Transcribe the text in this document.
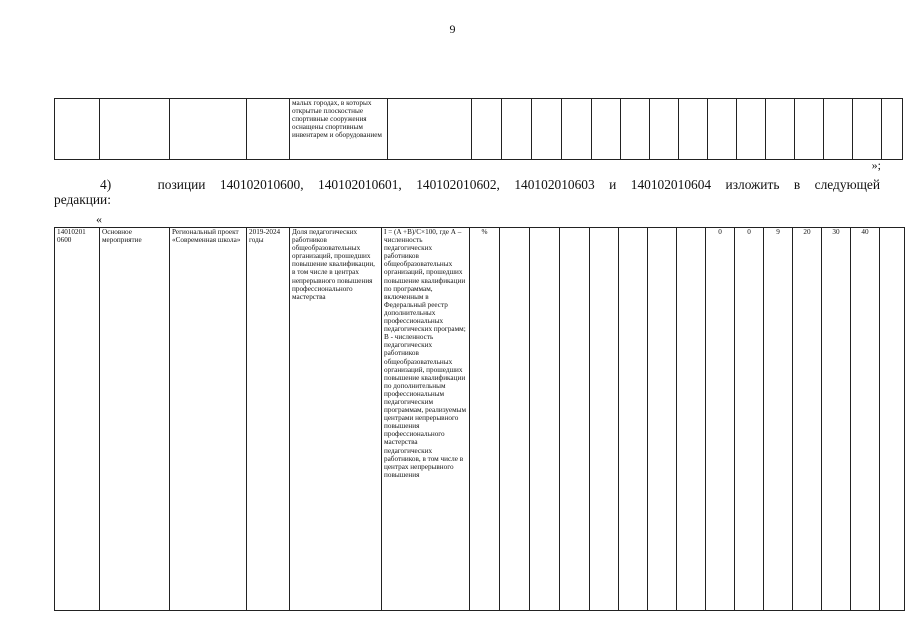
9
				малых городах, в которых открытые плоскостные спортивные сооружения оснащены спортивным инвентарем и оборудованием																
»;
4)	позиции 140102010600, 140102010601, 140102010602, 140102010603 и 140102010604 изложить в следующей
редакции:
«
14010201 0600	Основное мероприятие	Региональный проект «Современная школа»	2019-2024 годы	Доля педагогических работников общеобразовательных организаций, прошедших повышение квалификации, в том числе в центрах непрерывного повышения профессионального мастерства	I = (A +B)/C×100, где А – численность педагогических работников общеобразовательных организаций, прошедших повышение квалификации по программам, включенным в Федеральный реестр дополнительных профессиональных педагогических программ; В - численность педагогических работников общеобразовательных организаций, прошедших повышение квалификации по дополнительным профессиональным педагогическим программам, реализуемым центрами непрерывного повышения профессионального мастерства педагогических работников, в том числе в центрах непрерывного повышения	%								0	0	9	20	30	40	
